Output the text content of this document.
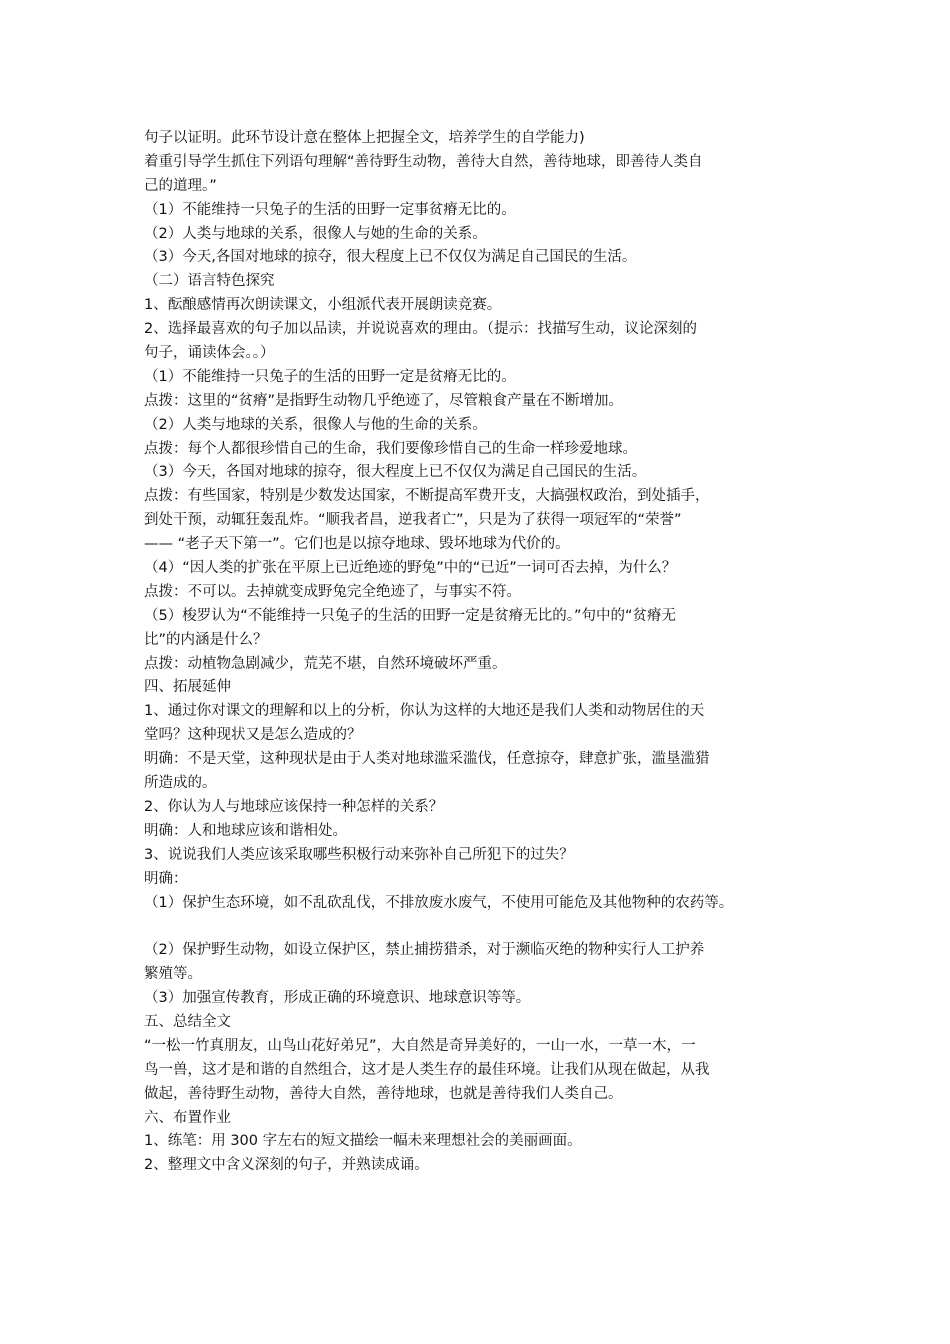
句子以证明。此环节设计意在整体上把握全文，培养学生的自学能力)
着重引导学生抓住下列语句理解“善待野生动物，善待大自然，善待地球，即善待人类自
己的道理。”
（1）不能维持一只兔子的生活的田野一定事贫瘠无比的。
（2）人类与地球的关系，很像人与她的生命的关系。
（3）今天,各国对地球的掠夺，很大程度上已不仅仅为满足自己国民的生活。
（二）语言特色探究
1、酝酿感情再次朗读课文，小组派代表开展朗读竞赛。
2、选择最喜欢的句子加以品读，并说说喜欢的理由。（提示：找描写生动，议论深刻的
句子，诵读体会。。）
（1）不能维持一只兔子的生活的田野一定是贫瘠无比的。
点拨：这里的“贫瘠”是指野生动物几乎绝迹了，尽管粮食产量在不断增加。
（2）人类与地球的关系，很像人与他的生命的关系。
点拨：每个人都很珍惜自己的生命，我们要像珍惜自己的生命一样珍爱地球。
（3）今天，各国对地球的掠夺，很大程度上已不仅仅为满足自己国民的生活。
点拨：有些国家，特别是少数发达国家，不断提高军费开支，大搞强权政治，到处插手，
到处干预，动辄狂轰乱炸。“顺我者昌，逆我者亡”，只是为了获得一项冠军的“荣誉”
—— “老子天下第一”。它们也是以掠夺地球、毁坏地球为代价的。
（4）“因人类的扩张在平原上已近绝迹的野兔”中的“已近”一词可否去掉，为什么？
点拨：不可以。去掉就变成野兔完全绝迹了，与事实不符。
（5）梭罗认为“不能维持一只兔子的生活的田野一定是贫瘠无比的。”句中的“贫瘠无
比”的内涵是什么？
点拨：动植物急剧减少，荒芜不堪，自然环境破坏严重。
四、拓展延伸
1、通过你对课文的理解和以上的分析，你认为这样的大地还是我们人类和动物居住的天
堂吗？这种现状又是怎么造成的？
明确：不是天堂，这种现状是由于人类对地球滥采滥伐，任意掠夺，肆意扩张，滥垦滥猎
所造成的。
2、你认为人与地球应该保持一种怎样的关系？
明确：人和地球应该和谐相处。
3、说说我们人类应该采取哪些积极行动来弥补自己所犯下的过失？
明确：
（1）保护生态环境，如不乱砍乱伐，不排放废水废气，不使用可能危及其他物种的农药等。
（2）保护野生动物，如设立保护区，禁止捕捞猎杀，对于濒临灭绝的物种实行人工护养
繁殖等。
（3）加强宣传教育，形成正确的环境意识、地球意识等等。
五、总结全文
“一松一竹真朋友，山鸟山花好弟兄”，大自然是奇异美好的，一山一水，一草一木，一
鸟一兽，这才是和谐的自然组合，这才是人类生存的最佳环境。让我们从现在做起，从我
做起，善待野生动物，善待大自然，善待地球，也就是善待我们人类自己。
六、布置作业
1、练笔：用 300 字左右的短文描绘一幅未来理想社会的美丽画面。
2、整理文中含义深刻的句子，并熟读成诵。
